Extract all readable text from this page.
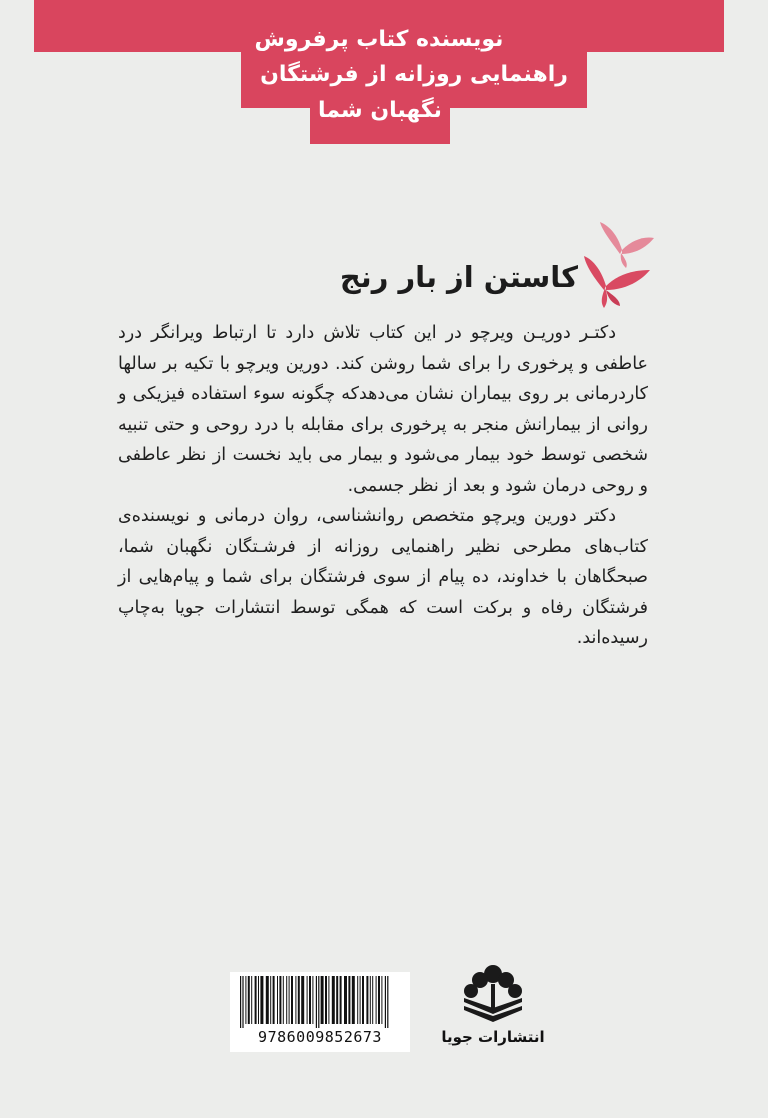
نویسنده کتاب پرفروش
راهنمایی روزانه از فرشتگان
نگهبان شما
کاستن از بار رنج

دکتـر دوریـن ویرچو در این کتاب تلاش دارد تا ارتباط ویرانگر درد عاطفی و پرخوری را برای شما روشن کند. دورین ویرچو با تکیه بر سالها کاردرمانی بر روی بیماران نشان می‌دهدکه چگونه سوء استفاده فیزیکی و روانی از بیمارانش منجر به پرخوری برای مقابله با درد روحی و حتی تنبیه شخصی توسط خود بیمار می‌شود و بیمار می باید نخست از نظر عاطفی و روحی درمان شود و بعد از نظر جسمی.

دکتر دورین ویرچو متخصص روانشناسی، روان درمانی و نویسنده‌ی کتاب‌های مطرحی نظیر راهنمایی روزانه از فرشـتگان نگهبان شما، صبحگاهان با خداوند، ده پیام از سوی فرشتگان برای شما و پیام‌هایی از فرشتگان رفاه و برکت است که همگی توسط انتشارات جویا به‌چاپ رسیده‌اند.

9786009852673	انتشارات جویا
